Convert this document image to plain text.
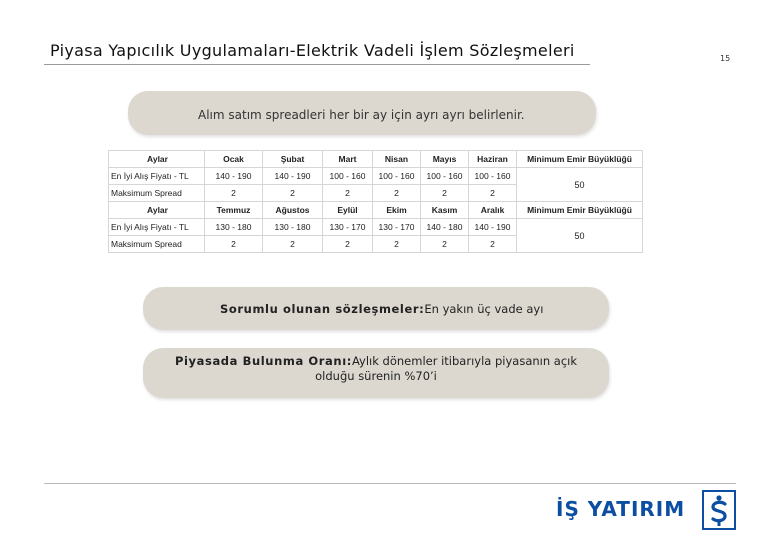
Piyasa Yapıcılık Uygulamaları-Elektrik Vadeli İşlem Sözleşmeleri	15
Alım satım spreadleri her bir ay için ayrı ayrı belirlenir.
Aylar	Ocak	Şubat	Mart	Nisan	Mayıs	Haziran	Minimum Emir Büyüklüğü
En İyi Alış Fiyatı - TL	140 - 190	140 - 190	100 - 160	100 - 160	100 - 160	100 - 160	50
Maksimum Spread	2	2	2	2	2	2	
Aylar	Temmuz	Ağustos	Eylül	Ekim	Kasım	Aralık	Minimum Emir Büyüklüğü
En İyi Alış Fiyatı - TL	130 - 180	130 - 180	130 - 170	130 - 170	140 - 180	140 - 190	50
Maksimum Spread	2	2	2	2	2	2	
Sorumlu olunan sözleşmeler:En yakın üç vade ayı
Piyasada Bulunma Oranı:Aylık dönemler itibarıyla piyasanın açık
olduğu sürenin %70’i
İŞ YATIRIM
